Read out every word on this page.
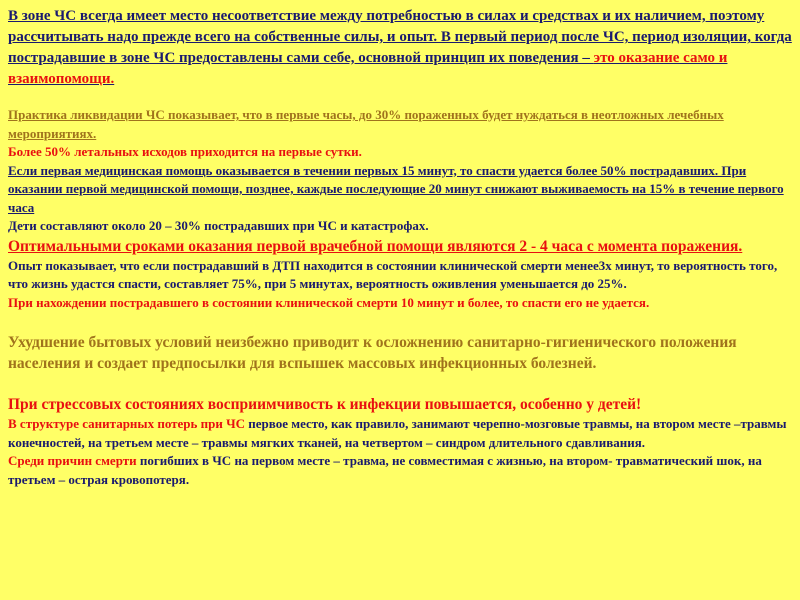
В зоне ЧС всегда имеет место несоответствие между потребностью в силах и средствах и их наличием, поэтому рассчитывать надо прежде всего на собственные силы, и опыт. В первый период после ЧС, период изоляции, когда пострадавшие в зоне ЧС предоставлены сами себе, основной принцип их поведения – это оказание само и взаимопомощи.

Практика ликвидации ЧС показывает, что в первые часы, до 30% пораженных будет нуждаться в неотложных лечебных мероприятиях.

Более 50% летальных исходов приходится на первые сутки.

Если первая медицинская помощь оказывается в течении первых 15 минут, то спасти удается более 50% пострадавших. При оказании первой медицинской помощи, позднее, каждые последующие 20 минут снижают выживаемость на 15% в течение первого часа

Дети составляют около 20 – 30% пострадавших при ЧС и катастрофах.

Оптимальными сроками оказания первой врачебной помощи являются 2 - 4 часа с момента поражения.

Опыт показывает, что если пострадавший в ДТП находится в состоянии клинической смерти менее3х минут, то вероятность того, что жизнь удастся спасти, составляет 75%, при 5 минутах, вероятность оживления уменьшается до 25%.

При нахождении пострадавшего в состоянии клинической смерти 10 минут и более, то спасти его не удается.

Ухудшение бытовых условий неизбежно приводит к осложнению санитарно-гигиенического положения населения и создает предпосылки для вспышек массовых инфекционных болезней.

При стрессовых состояниях восприимчивость к инфекции повышается, особенно у детей!

В структуре санитарных потерь при ЧС первое место, как правило, занимают черепно-мозговые травмы, на втором месте –травмы конечностей, на третьем месте – травмы мягких тканей, на четвертом – синдром длительного сдавливания.

Среди причин смерти погибших в ЧС на первом месте – травма, не совместимая с жизнью, на втором- травматический шок, на третьем – острая кровопотеря.
